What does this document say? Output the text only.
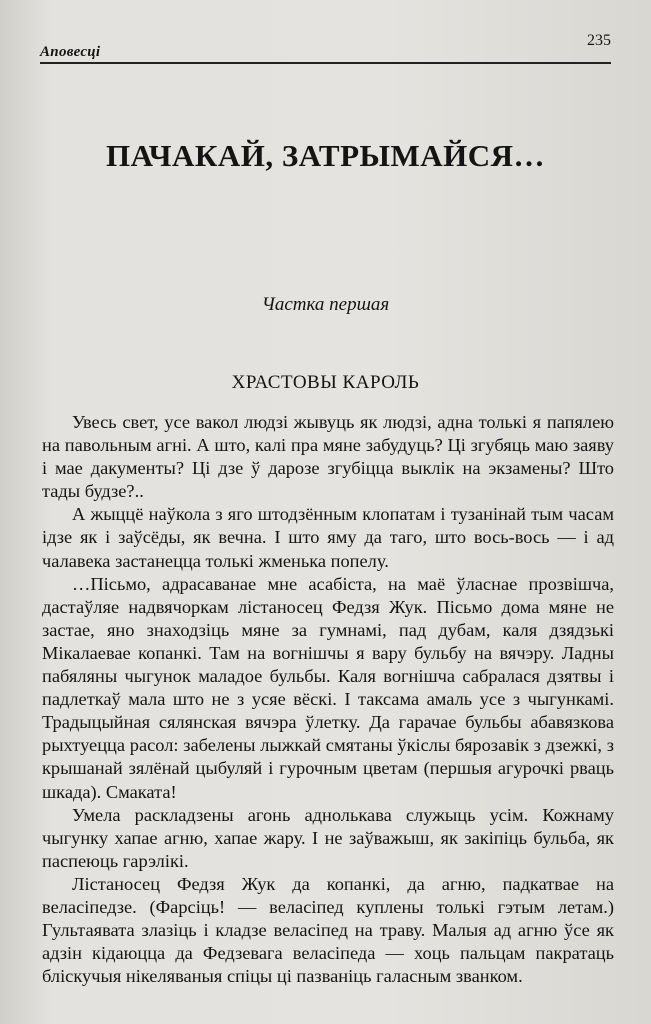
Аповесці
235
ПАЧАКАЙ, ЗАТРЫМАЙСЯ…
Частка першая
ХРАСТОВЫ КАРОЛЬ

Увесь свет, усе вакол людзі жывуць як людзі, адна толькі я папялею на павольным агні. А што, калі пра мяне забудуць? Ці згубяць маю заяву і мае дакументы? Ці дзе ў дарозе згубіцца выклік на экзамены? Што тады будзе?..

А жыццё наўкола з яго штодзённым клопатам і тузанінай тым часам ідзе як і заўсёды, як вечна. І што яму да таго, што вось-вось — і ад чалавека застанецца толькі жменька попелу.

…Пісьмо, адрасаванае мне асабіста, на маё ўласнае прозвішча, дастаўляе надвячоркам лістаносец Федзя Жук. Пісьмо дома мяне не застае, яно знаходзіць мяне за гумнамі, пад дубам, каля дзядзькі Мікалаевае копанкі. Там на вогнішчы я вару бульбу на вячэру. Ладны пабяляны чыгунок маладое бульбы. Каля вогнішча сабралася дзятвы і падлеткаў мала што не з усяе вёскі. І таксама амаль усе з чыгункамі. Традыцыйная сялянская вячэра ўлетку. Да гарачае бульбы абавязкова рыхтуецца расол: забелены лыжкай смятаны ўкіслы бярозавік з дзежкі, з крышанай зялёнай цыбуляй і гурочным цветам (першыя агурочкі рваць шкада). Смаката!

Умела раскладзены агонь аднолькава служыць усім. Кожнаму чыгунку хапае агню, хапае жару. І не заўважыш, як закіпіць бульба, як паспеюць гарэлікі.

Лістаносец Федзя Жук да копанкі, да агню, падкатвае на веласіпедзе. (Фарсіць! — веласіпед куплены толькі гэтым летам.) Гультаявата злазіць і кладзе веласіпед на траву. Малыя ад агню ўсе як адзін кідаюцца да Федзевага веласіпеда — хоць пальцам пакратаць бліскучыя нікеляваныя спіцы ці пазваніць галасным званком.
